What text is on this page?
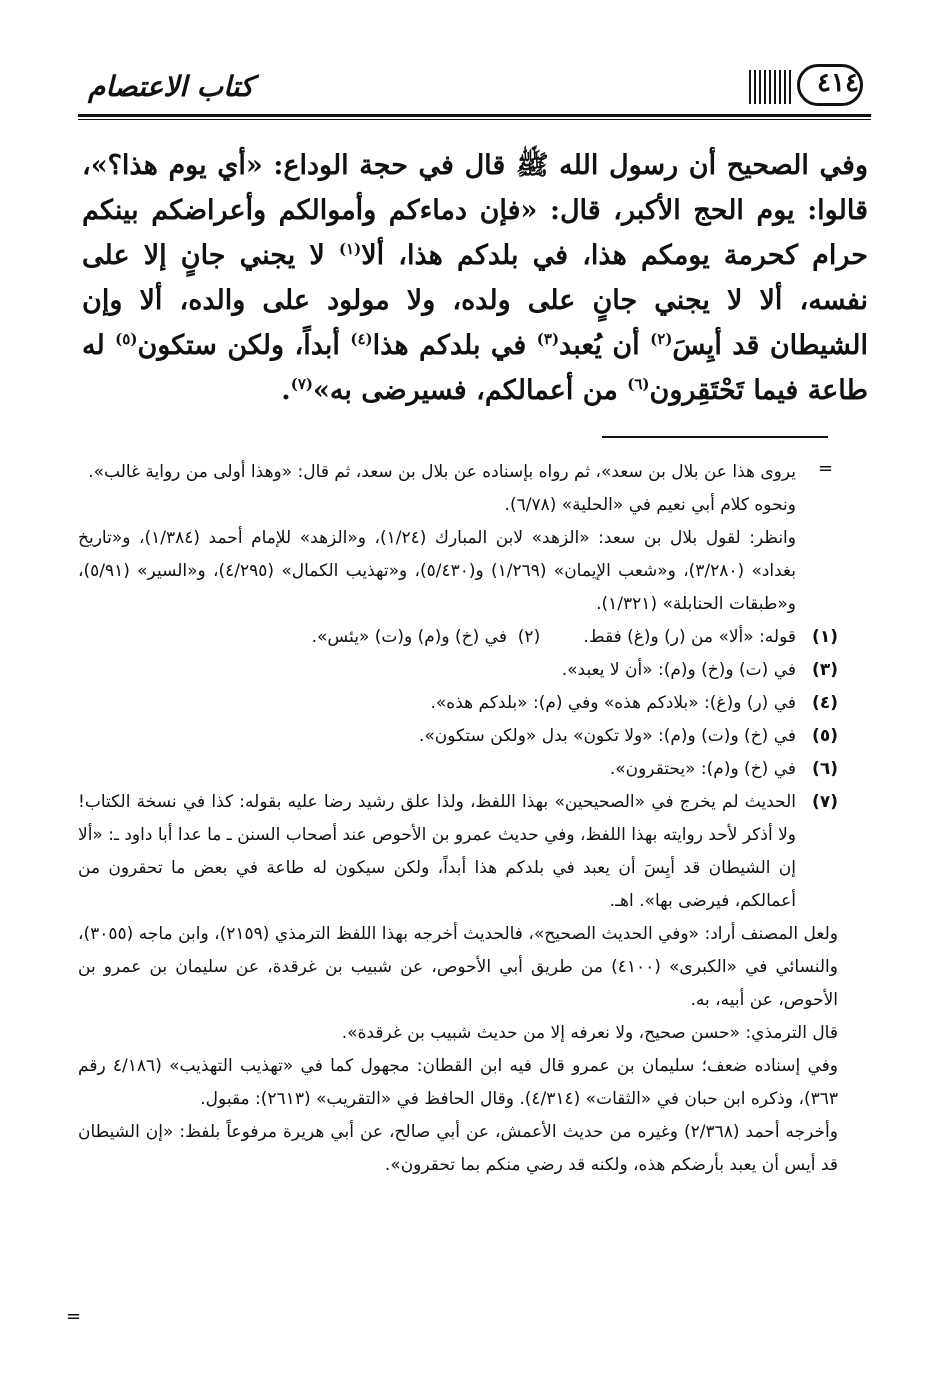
كتاب الاعتصام	٤١٤
وفي الصحيح أن رسول الله ﷺ قال في حجة الوداع: «أي يوم هذا؟»، قالوا: يوم الحج الأكبر، قال: «فإن دماءكم وأموالكم وأعراضكم بينكم حرام كحرمة يومكم هذا، في بلدكم هذا، ألا$^{(١)}$ لا يجني جانٍ إلا على نفسه، ألا لا يجني جانٍ على ولده، ولا مولود على والده، ألا وإن الشيطان قد أيِسَ$^{(٢)}$ أن يُعبد$^{(٣)}$ في بلدكم هذا$^{(٤)}$ أبداً، ولكن ستكون$^{(٥)}$ له طاعة فيما تَحْتَقِرون$^{(٦)}$ من أعمالكم، فسيرضى به»$^{(٧)}$.
=
يروى هذا عن بلال بن سعد»، ثم رواه بإسناده عن بلال بن سعد، ثم قال: «وهذا أولى من رواية غالب».
ونحوه كلام أبي نعيم في «الحلية» (٦/٧٨).
وانظر: لقول بلال بن سعد: «الزهد» لابن المبارك (١/٢٤)، و«الزهد» للإمام أحمد (١/٣٨٤)، و«تاريخ بغداد» (٣/٢٨٠)، و«شعب الإيمان» (١/٢٦٩) و(٥/٤٣٠)، و«تهذيب الكمال» (٤/٢٩٥)، و«السير» (٥/٩١)، و«طبقات الحنابلة» (١/٣٢١).
(١)
قوله: «ألا» من (ر) و(غ) فقط.        (٢)  في (خ) و(م) و(ت) «يئس».
(٣)
في (ت) و(خ) و(م): «أن لا يعبد».
(٤)
في (ر) و(غ): «بلادكم هذه» وفي (م): «بلدكم هذه».
(٥)
في (خ) و(ت) و(م): «ولا تكون» بدل «ولكن ستكون».
(٦)
في (خ) و(م): «يحتقرون».
(٧)
الحديث لم يخرج في «الصحيحين» بهذا اللفظ، ولذا علق رشيد رضا عليه بقوله: كذا في نسخة الكتاب! ولا أذكر لأحد روايته بهذا اللفظ، وفي حديث عمرو بن الأحوص عند أصحاب السنن ـ ما عدا أبا داود ـ: «ألا إن الشيطان قد أيِسَ أن يعبد في بلدكم هذا أبداً، ولكن سيكون له طاعة في بعض ما تحقرون من أعمالكم، فيرضى بها». اهـ.
ولعل المصنف أراد: «وفي الحديث الصحيح»، فالحديث أخرجه بهذا اللفظ الترمذي (٢١٥٩)، وابن ماجه (٣٠٥٥)، والنسائي في «الكبرى» (٤١٠٠) من طريق أبي الأحوص، عن شبيب بن غرقدة، عن سليمان بن عمرو بن الأحوص، عن أبيه، به.
قال الترمذي: «حسن صحيح، ولا نعرفه إلا من حديث شبيب بن غرقدة».
وفي إسناده ضعف؛ سليمان بن عمرو قال فيه ابن القطان: مجهول كما في «تهذيب التهذيب» (٤/١٨٦ رقم ٣٦٣)، وذكره ابن حبان في «الثقات» (٤/٣١٤). وقال الحافظ في «التقريب» (٢٦١٣): مقبول.
وأخرجه أحمد (٢/٣٦٨) وغيره من حديث الأعمش، عن أبي صالح، عن أبي هريرة مرفوعاً بلفظ: «إن الشيطان قد أيس أن يعبد بأرضكم هذه، ولكنه قد رضي منكم بما تحقرون».
=
